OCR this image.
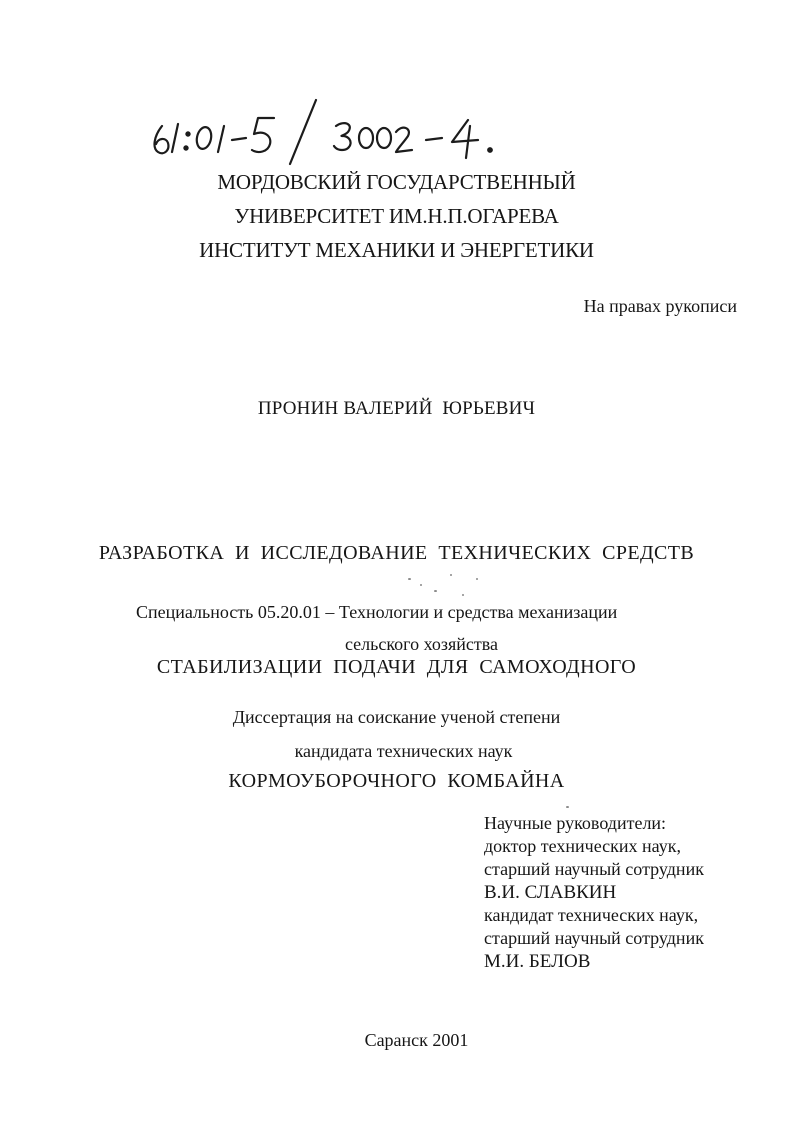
МОРДОВСКИЙ ГОСУДАРСТВЕННЫЙ
УНИВЕРСИТЕТ ИМ.Н.П.ОГАРЕВА
ИНСТИТУТ МЕХАНИКИ И ЭНЕРГЕТИКИ
На правах рукописи
ПРОНИН ВАЛЕРИЙ  ЮРЬЕВИЧ

РАЗРАБОТКА  И  ИССЛЕДОВАНИЕ  ТЕХНИЧЕСКИХ  СРЕДСТВ

СТАБИЛИЗАЦИИ  ПОДАЧИ  ДЛЯ  САМОХОДНОГО

КОРМОУБОРОЧНОГО  КОМБАЙНА

Специальность 05.20.01 – Технологии и средства механизации
сельского хозяйства
Диссертация на соискание ученой степени
кандидата технических наук
Научные руководители:
доктор технических наук,
старший научный сотрудник
В.И. СЛАВКИН
кандидат технических наук,
старший научный сотрудник
М.И. БЕЛОВ
Саранск 2001
